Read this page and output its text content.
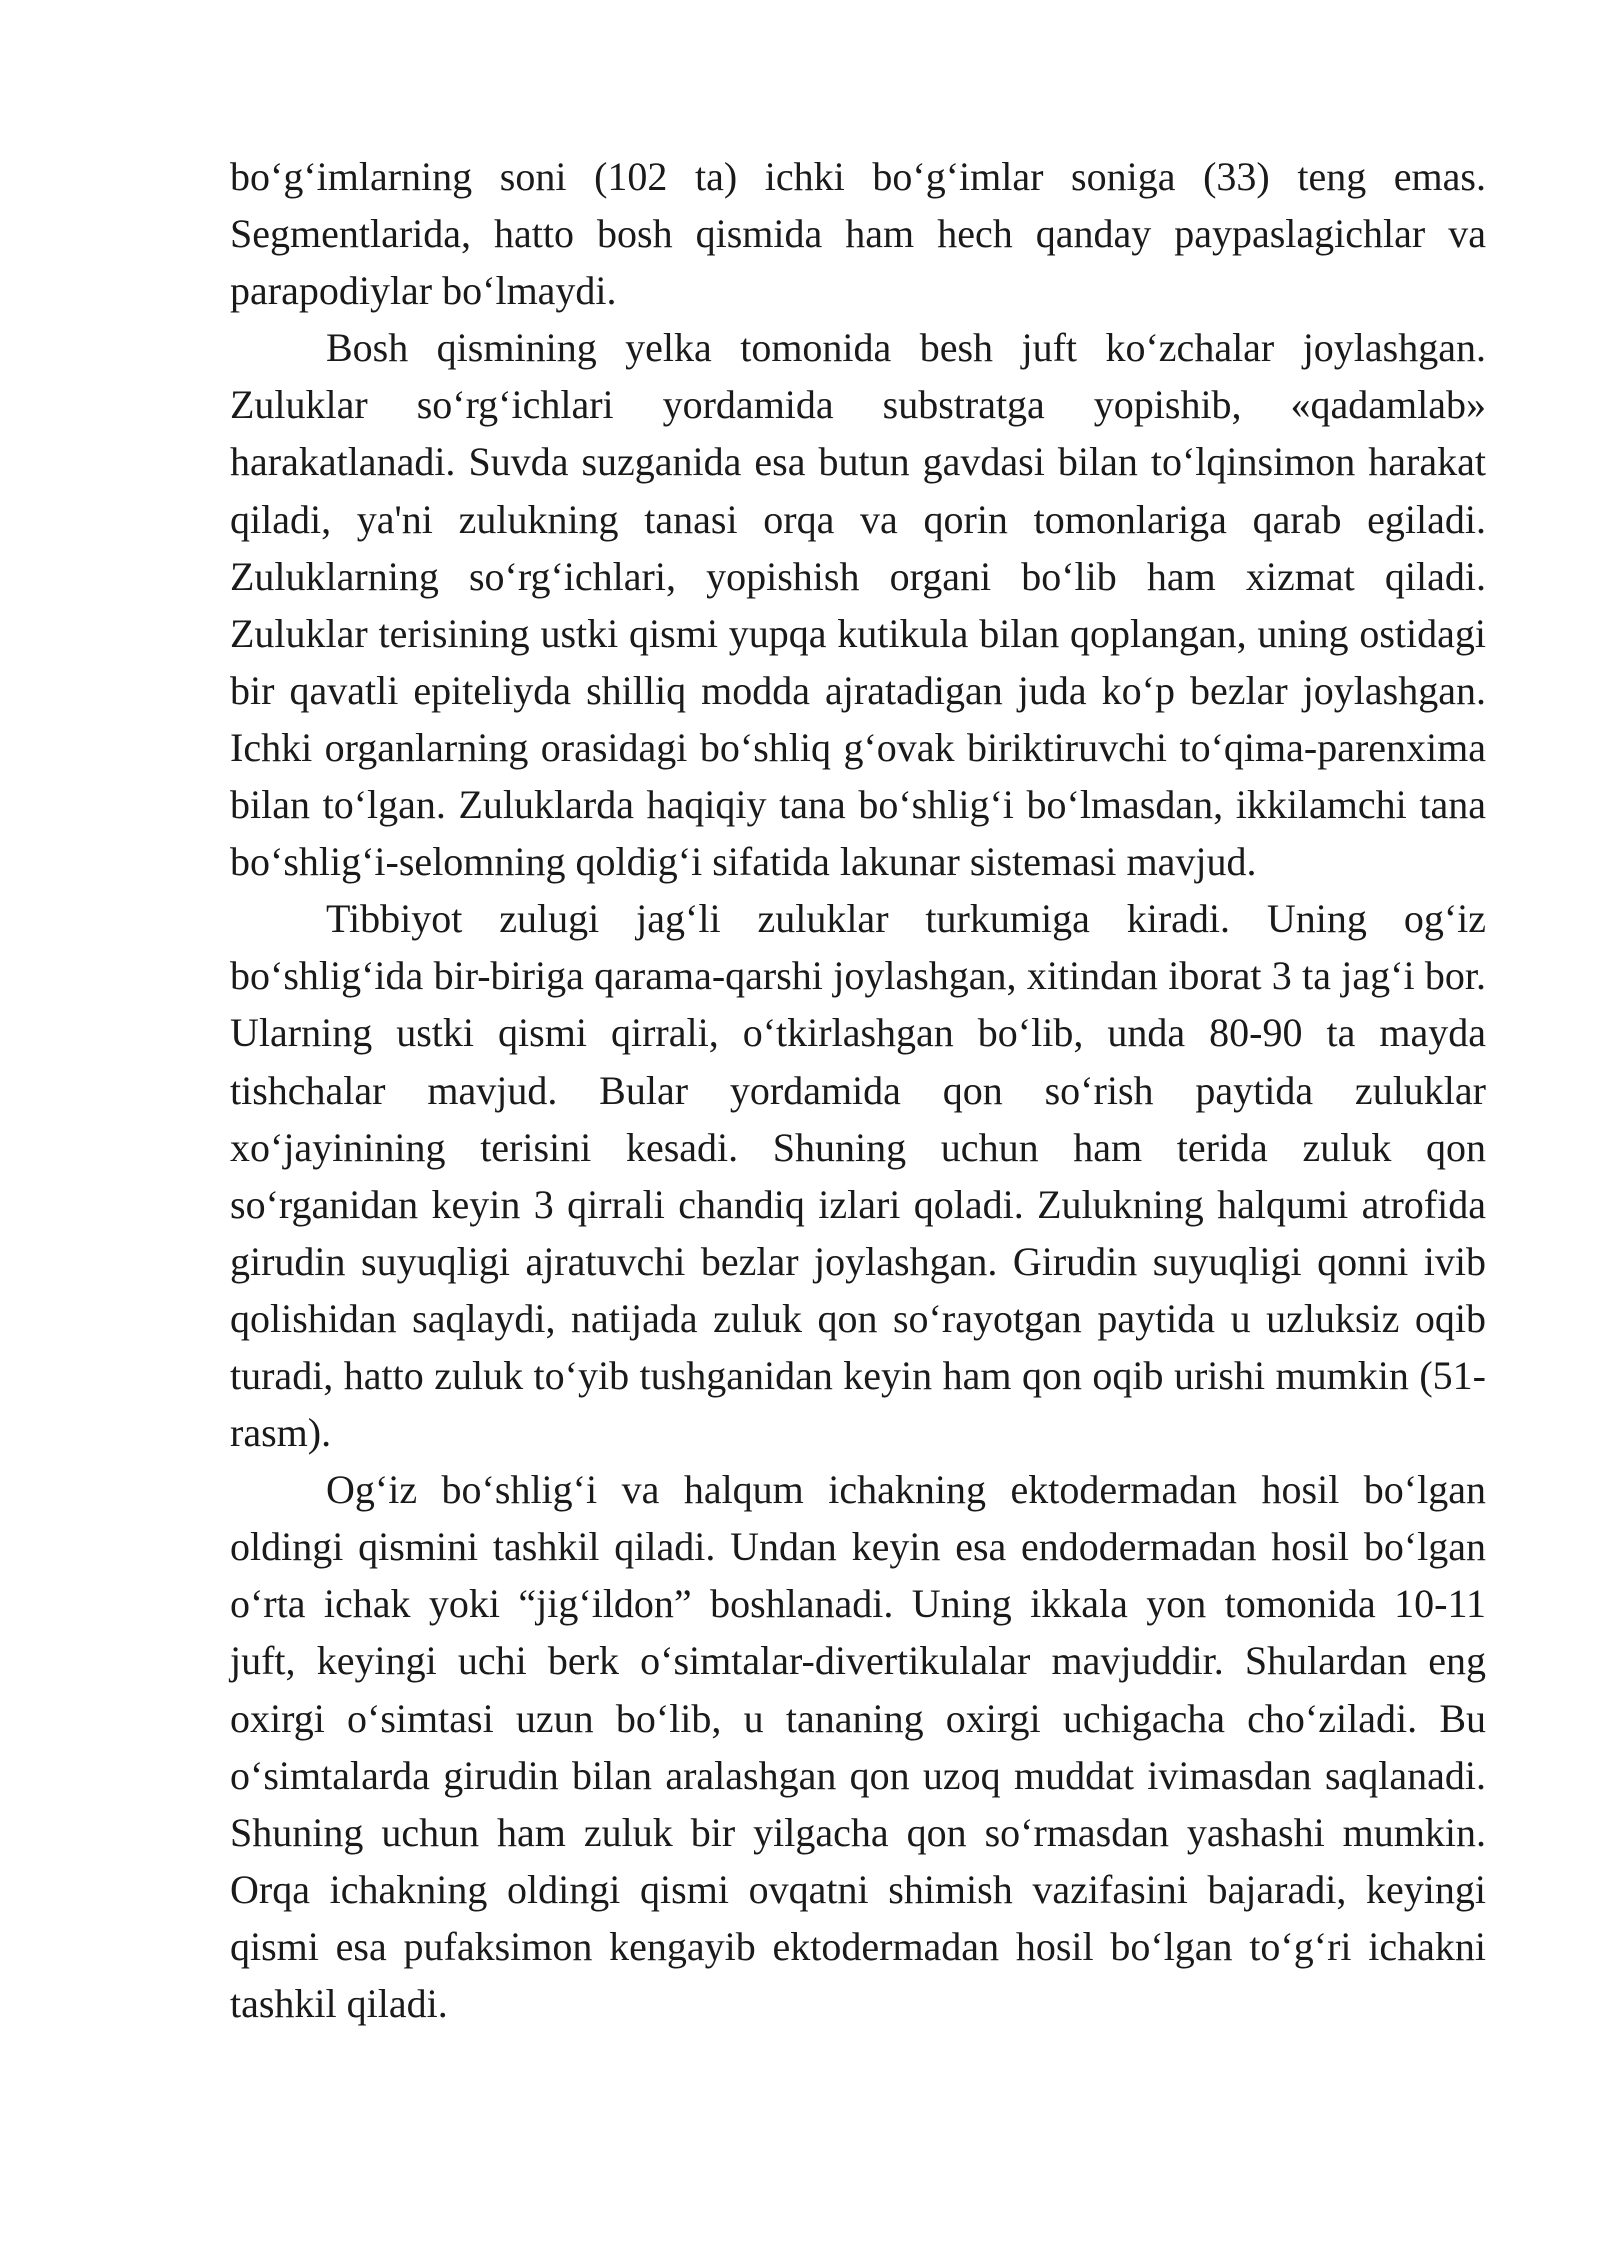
bo‘g‘imlarning soni (102 ta) ichki bo‘g‘imlar soniga (33) teng emas. Segmentlarida, hatto bosh qismida ham hech qanday paypaslagichlar va parapodiylar bo‘lmaydi.

Bosh qismining yelka tomonida besh juft ko‘zchalar joylashgan. Zuluklar so‘rg‘ichlari yordamida substratga yopishib, «qadamlab» harakatlanadi. Suvda suzganida esa butun gavdasi bilan to‘lqinsimon harakat qiladi, ya'ni zulukning tanasi orqa va qorin tomonlariga qarab egiladi. Zuluklarning so‘rg‘ichlari, yopishish organi bo‘lib ham xizmat qiladi. Zuluklar terisining ustki qismi yupqa kutikula bilan qoplangan, uning ostidagi bir qavatli epiteliyda shilliq modda ajratadigan juda ko‘p bezlar joylashgan. Ichki organlarning orasidagi bo‘shliq g‘ovak biriktiruvchi to‘qima-parenxima bilan to‘lgan. Zuluklarda haqiqiy tana bo‘shlig‘i bo‘lmasdan, ikkilamchi tana bo‘shlig‘i-selomning qoldig‘i sifatida lakunar sistemasi mavjud.

Tibbiyot zulugi jag‘li zuluklar turkumiga kiradi. Uning og‘iz bo‘shlig‘ida bir-biriga qarama-qarshi joylashgan, xitindan iborat 3 ta jag‘i bor. Ularning ustki qismi qirrali, o‘tkirlashgan bo‘lib, unda 80-90 ta mayda tishchalar mavjud. Bular yordamida qon so‘rish paytida zuluklar xo‘jayinining terisini kesadi. Shuning uchun ham terida zuluk qon so‘rganidan keyin 3 qirrali chandiq izlari qoladi. Zulukning halqumi atrofida girudin suyuqligi ajratuvchi bezlar joylashgan. Girudin suyuqligi qonni ivib qolishidan saqlaydi, natijada zuluk qon so‘rayotgan paytida u uzluksiz oqib turadi, hatto zuluk to‘yib tushganidan keyin ham qon oqib urishi mumkin (51-rasm).

Og‘iz bo‘shlig‘i va halqum ichakning ektodermadan hosil bo‘lgan oldingi qismini tashkil qiladi. Undan keyin esa endodermadan hosil bo‘lgan o‘rta ichak yoki “jig‘ildon” boshlanadi. Uning ikkala yon tomonida 10-11 juft, keyingi uchi berk o‘simtalar-divertikulalar mavjuddir. Shulardan eng oxirgi o‘simtasi uzun bo‘lib, u tananing oxirgi uchigacha cho‘ziladi. Bu o‘simtalarda girudin bilan aralashgan qon uzoq muddat ivimasdan saqlanadi. Shuning uchun ham zuluk bir yilgacha qon so‘rmasdan yashashi mumkin. Orqa ichakning oldingi qismi ovqatni shimish vazifasini bajaradi, keyingi qismi esa pufaksimon kengayib ektodermadan hosil bo‘lgan to‘g‘ri ichakni tashkil qiladi.
